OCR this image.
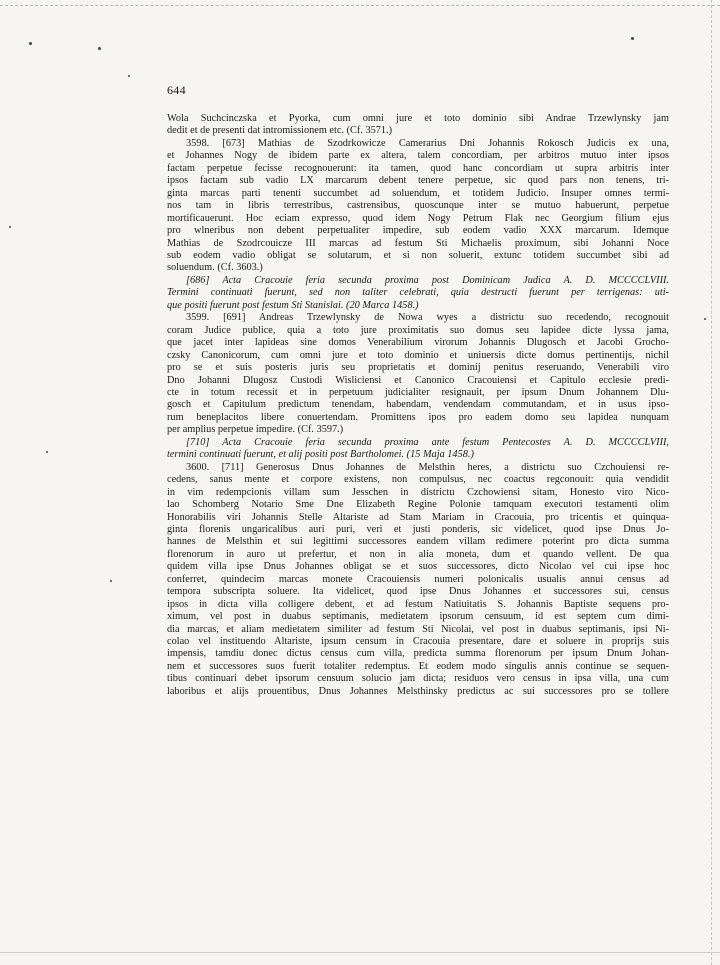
644
Wola Suchcinczska et Pyorka, cum omni jure et toto dominio sibi Andrae Trzewlynsky jam
dedit et de presenti dat intromissionem etc. (Cf. 3571.)
3598. [673] Mathias de Szodrkowicze Camerarius Dni Johannis Rokosch Judicis ex una,
et Johannes Nogy de ibidem parte ex altera, talem concordiam, per arbitros mutuo inter ipsos
factam perpetue fecisse recognouerunt: ita tamen, quod hanc concordiam ut supra arbitris inter
ipsos factam sub vadio LX marcarum debent tenere perpetue, sic quod pars non tenens, tri-
ginta marcas parti tenenti succumbet ad soluendum, et totidem Judicio. Insuper omnes termi-
nos tam in libris terrestribus, castrensibus, quoscunque inter se mutuo habuerunt, perpetue
mortificauerunt. Hoc eciam expresso, quod idem Nogy Petrum Flak nec Georgium filium ejus
pro wlneribus non debent perpetualiter impedire, sub eodem vadio XXX marcarum. Idemque
Mathias de Szodrcouicze III marcas ad festum Sti Michaelis proximum, sibi Johanni Noce
sub eodem vadio obligat se solutarum, et si non soluerit, extunc totidem succumbet sibi ad
soluendum. (Cf. 3603.)
[686] Acta Cracouie feria secunda proxima post Dominicam Judica A. D. MCCCCLVIII.
Termini continuati fuerunt, sed non taliter celebrati, quia destructi fuerunt per terrigenas: uti-
que positi fuerunt post festum Sti Stanislai. (20 Marca 1458.)
3599. [691] Andreas Trzewlynsky de Nowa wyes a districtu suo recedendo, recognouit
coram Judice publice, quia a toto jure proximitatis suo domus seu lapidee dicte lyssa jama,
que jacet inter lapideas sine domos Venerabilium virorum Johannis Dlugosch et Jacobi Grocho-
czsky Canonicorum, cum omni jure et toto dominio et uniuersis dicte domus pertinentijs, nichil
pro se et suis posteris juris seu proprietatis et dominij penitus reseruando, Venerabili viro
Dno Johanni Dlugosz Custodi Wisliciensi et Canonico Cracouiensi et Capitulo ecclesie predi-
cte in totum recessit et in perpetuum judicialiter resignauit, per ipsum Dnum Johannem Dlu-
gosch et Capitulum predictum tenendam, habendam, vendendam commutandam, et in usus ipso-
rum beneplacitos libere conuertendam. Promittens ipos pro eadem domo seu lapidea nunquam
per amplius perpetue impedire. (Cf. 3597.)
[710] Acta Cracouie feria secunda proxima ante festum Pentecostes A. D. MCCCCLVIII,
termini continuati fuerunt, et alij positi post Bartholomei. (15 Maja 1458.)
3600. [711] Generosus Dnus Johannes de Melsthin heres, a districtu suo Czchouiensi re-
cedens, sanus mente et corpore existens, non compulsus, nec coactus regconouit: quia vendidit
in vim redempcionis villam sum Jesschen in districtu Czchowiensi sitam, Honesto viro Nico-
lao Schomberg Notario Sme Dne Elizabeth Regine Polonie tamquam executori testamenti olim
Honorabilis viri Johannis Stelle Altariste ad Stam Mariam in Cracouia, pro tricentis et quinqua-
ginta florenis ungaricalibus auri puri, veri et justi ponderis, sic videlicet, quod ipse Dnus Jo-
hannes de Melsthin et sui legittimi successores eandem villam redimere poterint pro dicta summa
florenorum in auro ut prefertur, et non in alia moneta, dum et quando vellent. De qua
quidem villa ipse Dnus Johannes obligat se et suos successores, dicto Nicolao vel cui ipse hoc
conferret, quindecim marcas monete Cracouiensis numeri polonicalis usualis annui census ad
tempora subscripta soluere. Ita videlicet, quod ipse Dnus Johannes et successores sui, census
ipsos in dicta villa colligere debent, et ad festum Natiuitatis S. Johannis Baptiste sequens pro-
ximum, vel post in duabus septimanis, medietatem ipsorum censuum, id est septem cum dimi-
dia marcas, et aliam medietatem similiter ad festum Sti Nicolai, vel post in duabus septimanis, ipsi Ni-
colao vel instituendo Altariste, ipsum censum in Cracouia presentare, dare et soluere in proprijs suis
impensis, tamdiu donec dictus census cum villa, predicta summa florenorum per ipsum Dnum Johan-
nem et successores suos fuerit totaliter redemptus. Et eodem modo singulis annis continue se sequen-
tibus continuari debet ipsorum censuum solucio jam dicta; residuos vero census in ipsa villa, una cum
laboribus et alijs prouentibus, Dnus Johannes Melsthinsky predictus ac sui successores pro se tollere
